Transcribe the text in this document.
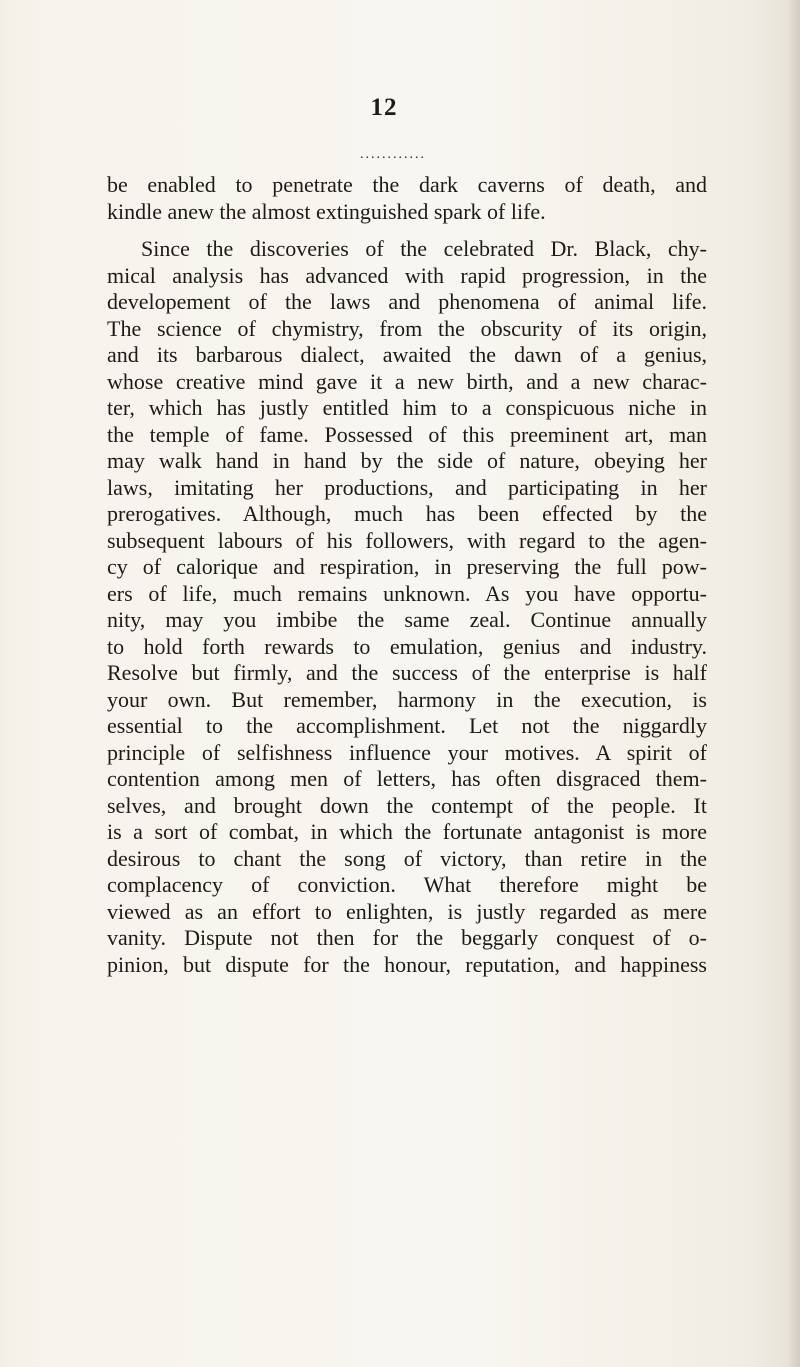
12
............
be enabled to penetrate the dark caverns of death, and
kindle anew the almost extinguished spark of life.
Since the discoveries of the celebrated Dr. Black, chy-
mical analysis has advanced with rapid progression, in the
developement of the laws and phenomena of animal life.
The science of chymistry, from the obscurity of its origin,
and its barbarous dialect, awaited the dawn of a genius,
whose creative mind gave it a new birth, and a new charac-
ter, which has justly entitled him to a conspicuous niche in
the temple of fame. Possessed of this preeminent art, man
may walk hand in hand by the side of nature, obeying her
laws, imitating her productions, and participating in her
prerogatives. Although, much has been effected by the
subsequent labours of his followers, with regard to the agen-
cy of calorique and respiration, in preserving the full pow-
ers of life, much remains unknown. As you have opportu-
nity, may you imbibe the same zeal. Continue annually
to hold forth rewards to emulation, genius and industry.
Resolve but firmly, and the success of the enterprise is half
your own. But remember, harmony in the execution, is
essential to the accomplishment. Let not the niggardly
principle of selfishness influence your motives. A spirit of
contention among men of letters, has often disgraced them-
selves, and brought down the contempt of the people. It
is a sort of combat, in which the fortunate antagonist is more
desirous to chant the song of victory, than retire in the
complacency of conviction. What therefore might be
viewed as an effort to enlighten, is justly regarded as mere
vanity. Dispute not then for the beggarly conquest of o-
pinion, but dispute for the honour, reputation, and happiness
